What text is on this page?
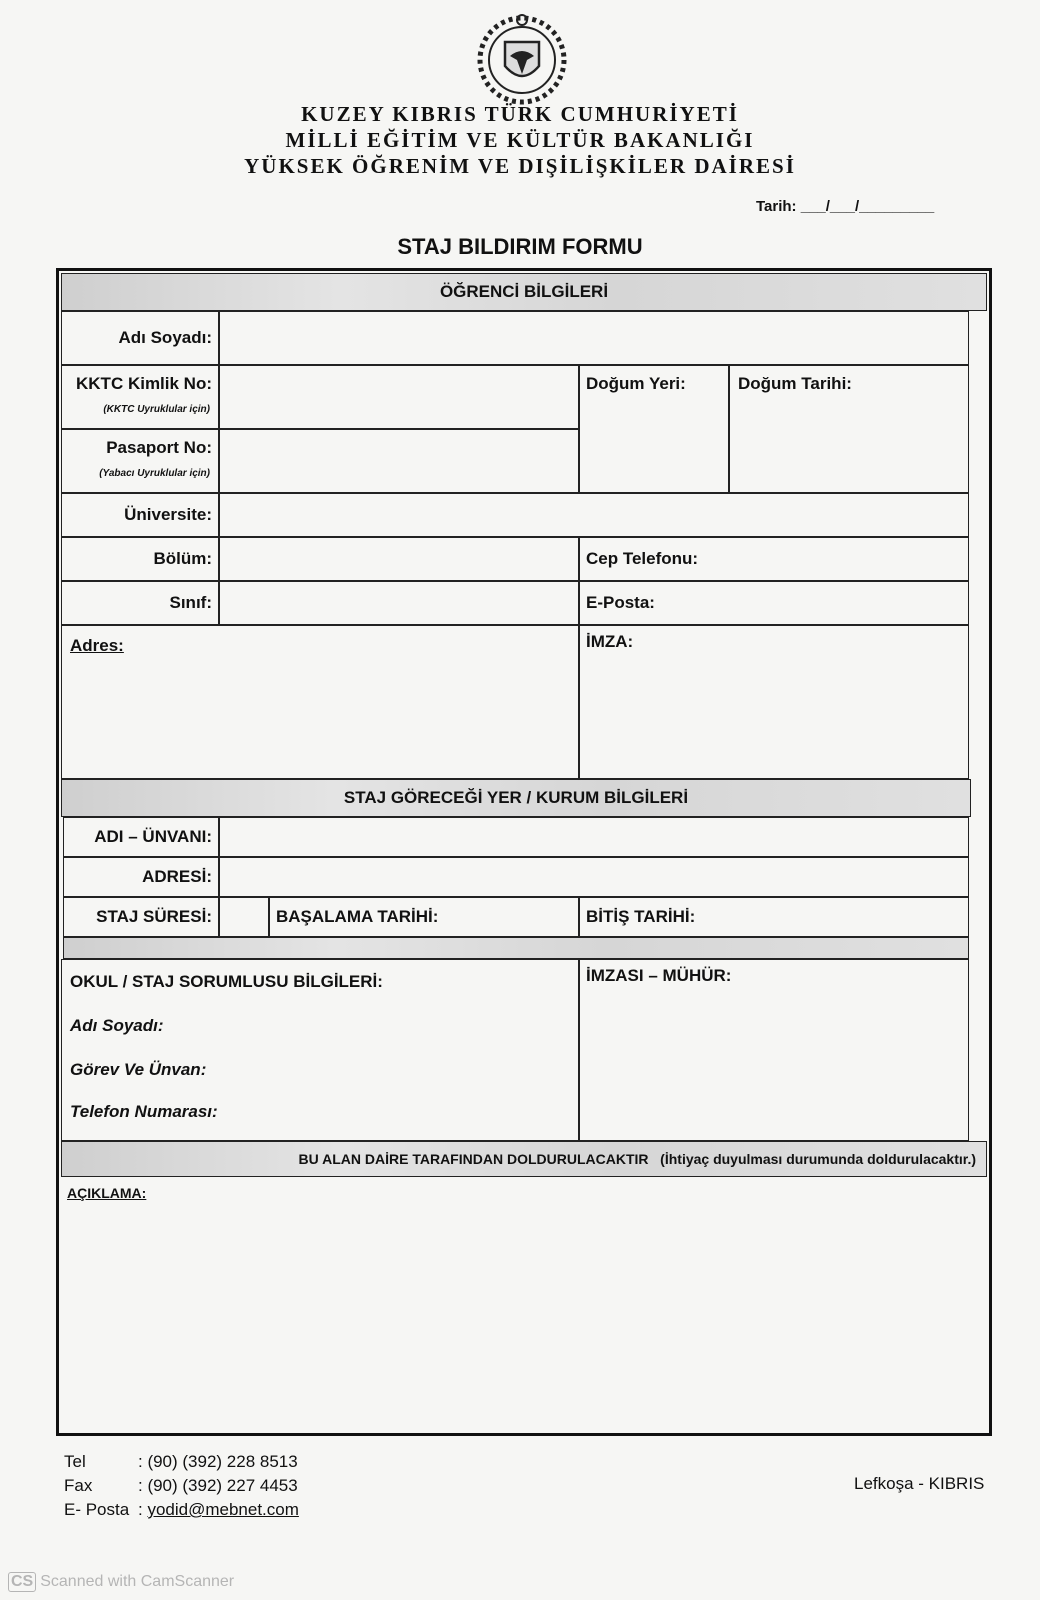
KUZEY KIBRIS TÜRK CUMHURİYETİ
MİLLİ EĞİTİM VE KÜLTÜR BAKANLIĞI
YÜKSEK ÖĞRENİM VE DIŞİLİŞKİLER DAİRESİ
Tarih: ___/___/_________
STAJ BILDIRIM FORMU
ÖĞRENCİ BİLGİLERİ
Adı Soyadı:
KKTC Kimlik No:
(KKTC Uyruklular için)
Doğum Yeri:	Doğum Tarihi:
Pasaport No:
(Yabacı Uyruklular için)
Üniversite:
Bölüm:	Cep Telefonu:
Sınıf:	E-Posta:
Adres:	İMZA:
STAJ GÖRECEĞİ YER / KURUM BİLGİLERİ
ADI – ÜNVANI:
ADRESİ:
STAJ SÜRESİ:	BAŞALAMA TARİHİ:	BİTİŞ TARİHİ:
OKUL / STAJ SORUMLUSU BİLGİLERİ:
Adı Soyadı:
Görev Ve Ünvan:
Telefon Numarası:
İMZASI – MÜHÜR:
BU ALAN DAİRE TARAFINDAN DOLDURULACAKTIR (İhtiyaç duyulması durumunda doldurulacaktır.)
AÇIKLAMA:
Tel	: (90) (392) 228 8513
Fax	: (90) (392) 227 4453
E- Posta : yodid@mebnet.com
Lefkoşa - KIBRIS
CS Scanned with CamScanner
